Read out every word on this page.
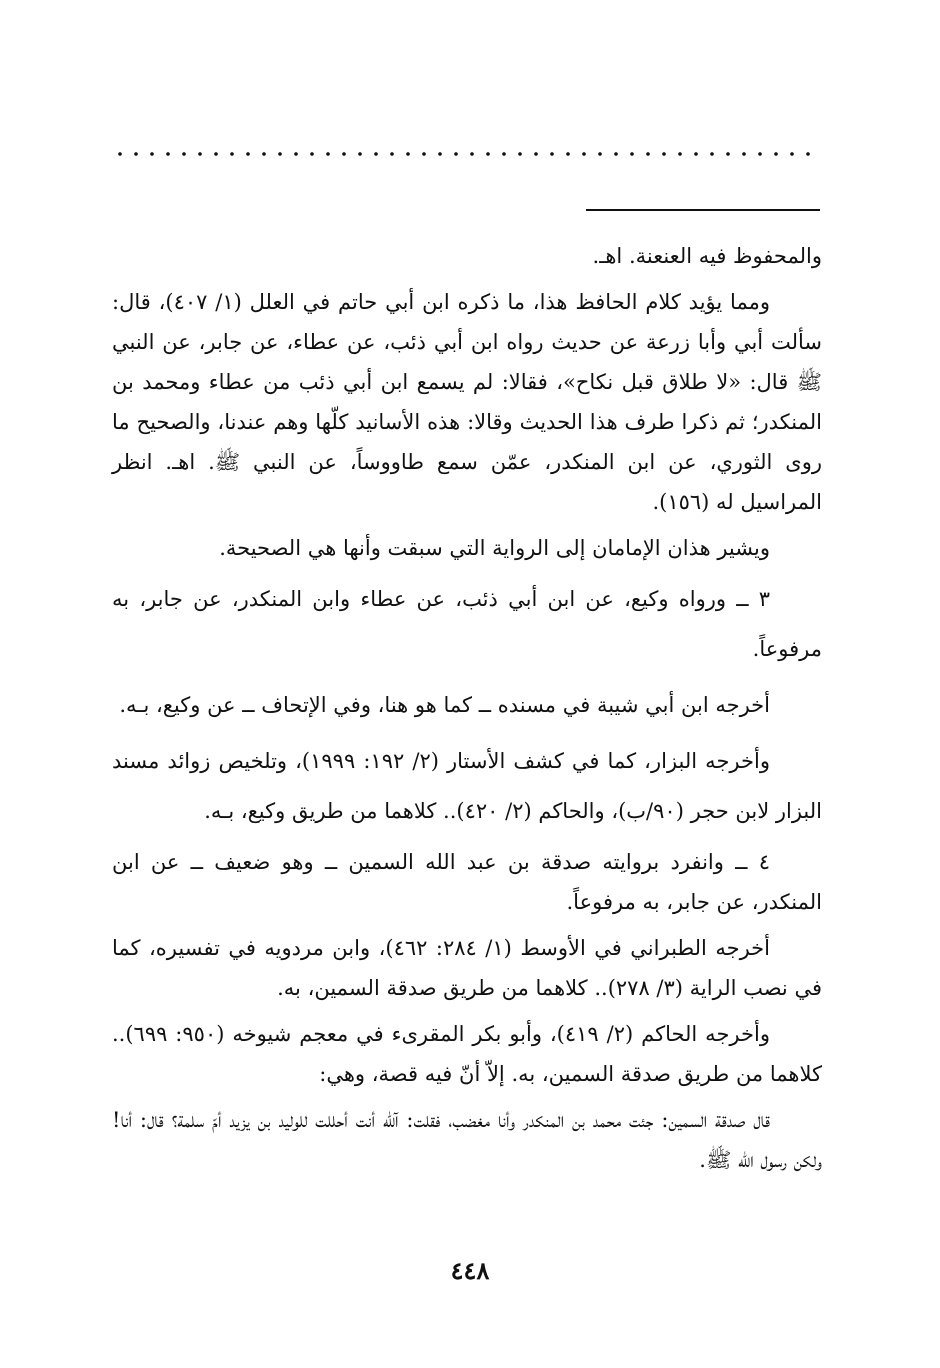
والمحفوظ فيه العنعنة. اهـ.

ومما يؤيد كلام الحافظ هذا، ما ذكره ابن أبي حاتم في العلل (١/ ٤٠٧)، قال: سألت أبي وأبا زرعة عن حديث رواه ابن أبي ذئب، عن عطاء، عن جابر، عن النبي ﷺ قال: «لا طلاق قبل نكاح»، فقالا: لم يسمع ابن أبي ذئب من عطاء ومحمد بن المنكدر؛ ثم ذكرا طرف هذا الحديث وقالا: هذه الأسانيد كلّها وهم عندنا، والصحيح ما روى الثوري، عن ابن المنكدر، عمّن سمع طاووساً، عن النبي ﷺ. اهـ. انظر المراسيل له (١٥٦).

ويشير هذان الإمامان إلى الرواية التي سبقت وأنها هي الصحيحة.

٣ ــ ورواه وكيع، عن ابن أبي ذئب، عن عطاء وابن المنكدر، عن جابر، به مرفوعاً.

أخرجه ابن أبي شيبة في مسنده ــ كما هو هنا، وفي الإتحاف ــ عن وكيع، بـه.

وأخرجه البزار، كما في كشف الأستار (٢/ ١٩٢: ١٩٩٩)، وتلخيص زوائد مسند البزار لابن حجر (٩٠/ب)، والحاكم (٢/ ٤٢٠).. كلاهما من طريق وكيع، بـه.

٤ ــ وانفرد بروايته صدقة بن عبد الله السمين ــ وهو ضعيف ــ عن ابن المنكدر، عن جابر، به مرفوعاً.

أخرجه الطبراني في الأوسط (١/ ٢٨٤: ٤٦٢)، وابن مردويه في تفسيره، كما في نصب الراية (٣/ ٢٧٨).. كلاهما من طريق صدقة السمين، به.

وأخرجه الحاكم (٢/ ٤١٩)، وأبو بكر المقرىء في معجم شيوخه (٩٥٠: ٦٩٩).. كلاهما من طريق صدقة السمين، به. إلاّ أنّ فيه قصة، وهي:

قال صدقة السمين: جئت محمد بن المنكدر وأنا مغضب، فقلت: آللّه أنت أحللت للوليد بن يزيد أمّ سلمة؟ قال: أنا! ولكن رسول الله ﷺ.

٤٤٨
